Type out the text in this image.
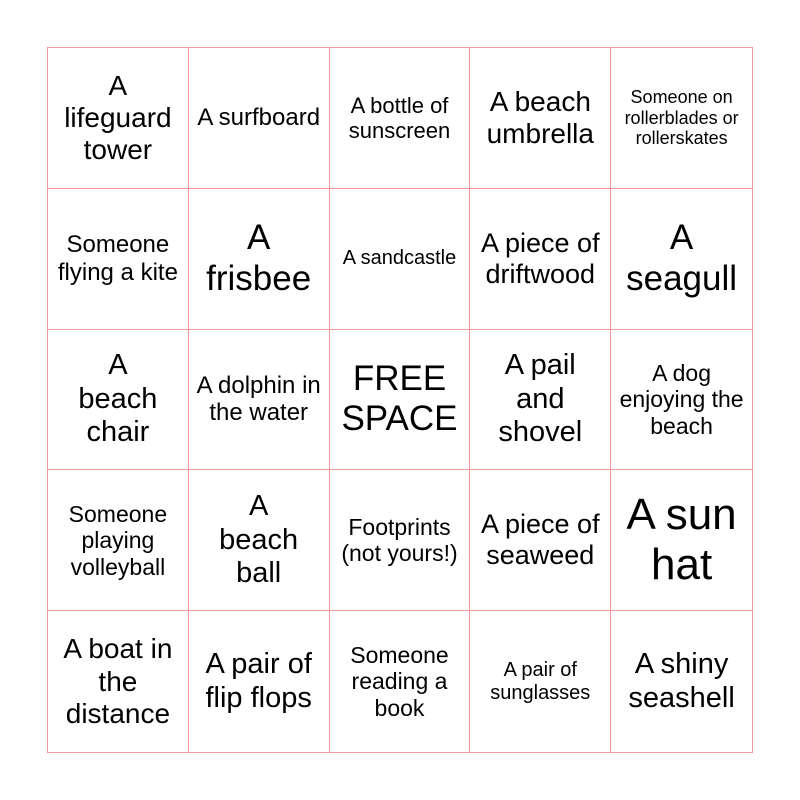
A lifeguard tower
A surfboard	A bottle of sunscreen
A beach umbrella
Someone on rollerblades or rollerskates
Someone flying a kite
A frisbee
A sandcastle
A piece of driftwood
A seagull
A beach chair
A dolphin in the water
FREE SPACE
A pail and shovel
A dog enjoying the beach
Someone playing volleyball
A beach ball
Footprints (not yours!)
A piece of seaweed
A sun hat
A boat in the distance
A pair of flip flops
Someone reading a book
A pair of sunglasses
A shiny seashell
